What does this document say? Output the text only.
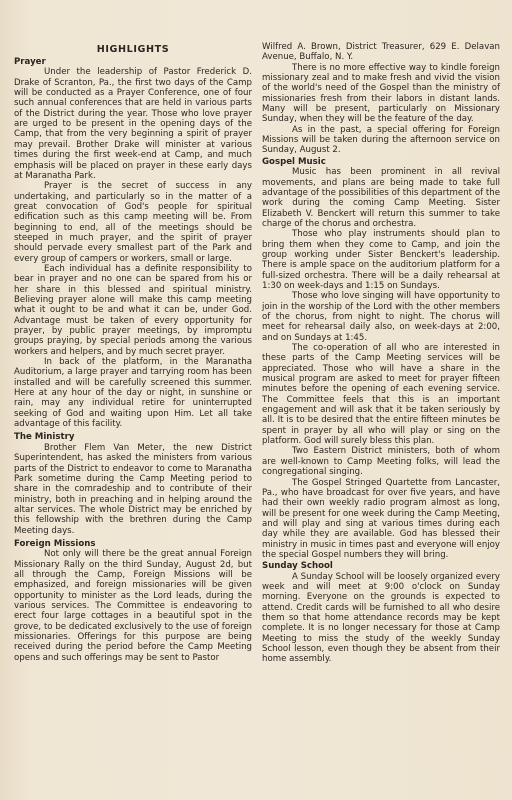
HIGHLIGHTS
Prayer

Under the leadership of Pastor Frederick D. Drake of Scranton, Pa., the first two days of the Camp will be conducted as a Prayer Conference, one of four such annual conferences that are held in various parts of the District during the year. Those who love prayer are urged to be present in the opening days of the Camp, that from the very beginning a spirit of prayer may prevail. Brother Drake will minister at various times during the first week-end at Camp, and much emphasis will be placed on prayer in these early days at Maranatha Park.

Prayer is the secret of success in any undertaking, and particularly so in the matter of a great convocation of God's people for spiritual edification such as this camp meeting will be. From beginning to end, all of the meetings should be steeped in much prayer, and the spirit of prayer should pervade every smallest part of the Park and every group of campers or workers, small or large.

Each individual has a definite responsibility to bear in prayer and no one can be spared from his or her share in this blessed and spiritual ministry. Believing prayer alone will make this camp meeting what it ought to be and what it can be, under God. Advantage must be taken of every opportunity for prayer, by public prayer meetings, by impromptu groups praying, by special periods among the various workers and helpers, and by much secret prayer.

In back of the platform, in the Maranatha Auditorium, a large prayer and tarrying room has been installed and will be carefully screened this summer. Here at any hour of the day or night, in sunshine or rain, may any individual retire for uninterrupted seeking of God and waiting upon Him. Let all take advantage of this facility.

The Ministry

Brother Flem Van Meter, the new District Superintendent, has asked the ministers from various parts of the District to endeavor to come to Maranatha Park sometime during the Camp Meeting period to share in the comradeship and to contribute of their ministry, both in preaching and in helping around the altar services. The whole District may be enriched by this fellowship with the brethren during the Camp Meeting days.

Foreign Missions

Not only will there be the great annual Foreign Missionary Rally on the third Sunday, August 2d, but all through the Camp, Foreign Missions will be emphasized, and foreign missionaries will be given opportunity to minister as the Lord leads, during the various services. The Committee is endeavoring to erect four large cottages in a beautiful spot in the grove, to be dedicated exclusively to the use of foreign missionaries. Offerings for this purpose are being received during the period before the Camp Meeting opens and such offerings may be sent to Pastor

Wilfred A. Brown, District Treasurer, 629 E. Delavan Avenue, Buffalo, N. Y.

There is no more effective way to kindle foreign missionary zeal and to make fresh and vivid the vision of the world's need of the Gospel than the ministry of missionaries fresh from their labors in distant lands. Many will be present, particularly on Missionary Sunday, when they will be the feature of the day.

As in the past, a special offering for Foreign Missions will be taken during the afternoon service on Sunday, August 2.

Gospel Music

Music has been prominent in all revival movements, and plans are being made to take full advantage of the possibilities of this department of the work during the coming Camp Meeting. Sister Elizabeth V. Benckert will return this summer to take charge of the chorus and orchestra.

Those who play instruments should plan to bring them when they come to Camp, and join the group working under Sister Benckert's leadership. There is ample space on the auditorium platform for a full-sized orchestra. There will be a daily rehearsal at 1:30 on week-days and 1:15 on Sundays.

Those who love singing will have opportunity to join in the worship of the Lord with the other members of the chorus, from night to night. The chorus will meet for rehearsal daily also, on week-days at 2:00, and on Sundays at 1:45.

The co-operation of all who are interested in these parts of the Camp Meeting services will be appreciated. Those who will have a share in the musical program are asked to meet for prayer fifteen minutes before the opening of each evening service. The Committee feels that this is an important engagement and will ask that it be taken seriously by all. It is to be desired that the entire fifteen minutes be spent in prayer by all who will play or sing on the platform. God will surely bless this plan.

Two Eastern District ministers, both of whom are well-known to Camp Meeting folks, will lead the congregational singing.

The Gospel Stringed Quartette from Lancaster, Pa., who have broadcast for over five years, and have had their own weekly radio program almost as long, will be present for one week during the Camp Meeting, and will play and sing at various times during each day while they are available. God has blessed their ministry in music in times past and everyone will enjoy the special Gospel numbers they will bring.

Sunday School

A Sunday School will be loosely organized every week and will meet at 9:00 o'clock on Sunday morning. Everyone on the grounds is expected to attend. Credit cards will be furnished to all who desire them so that home attendance records may be kept complete. It is no longer necessary for those at Camp Meeting to miss the study of the weekly Sunday School lesson, even though they be absent from their home assembly.
